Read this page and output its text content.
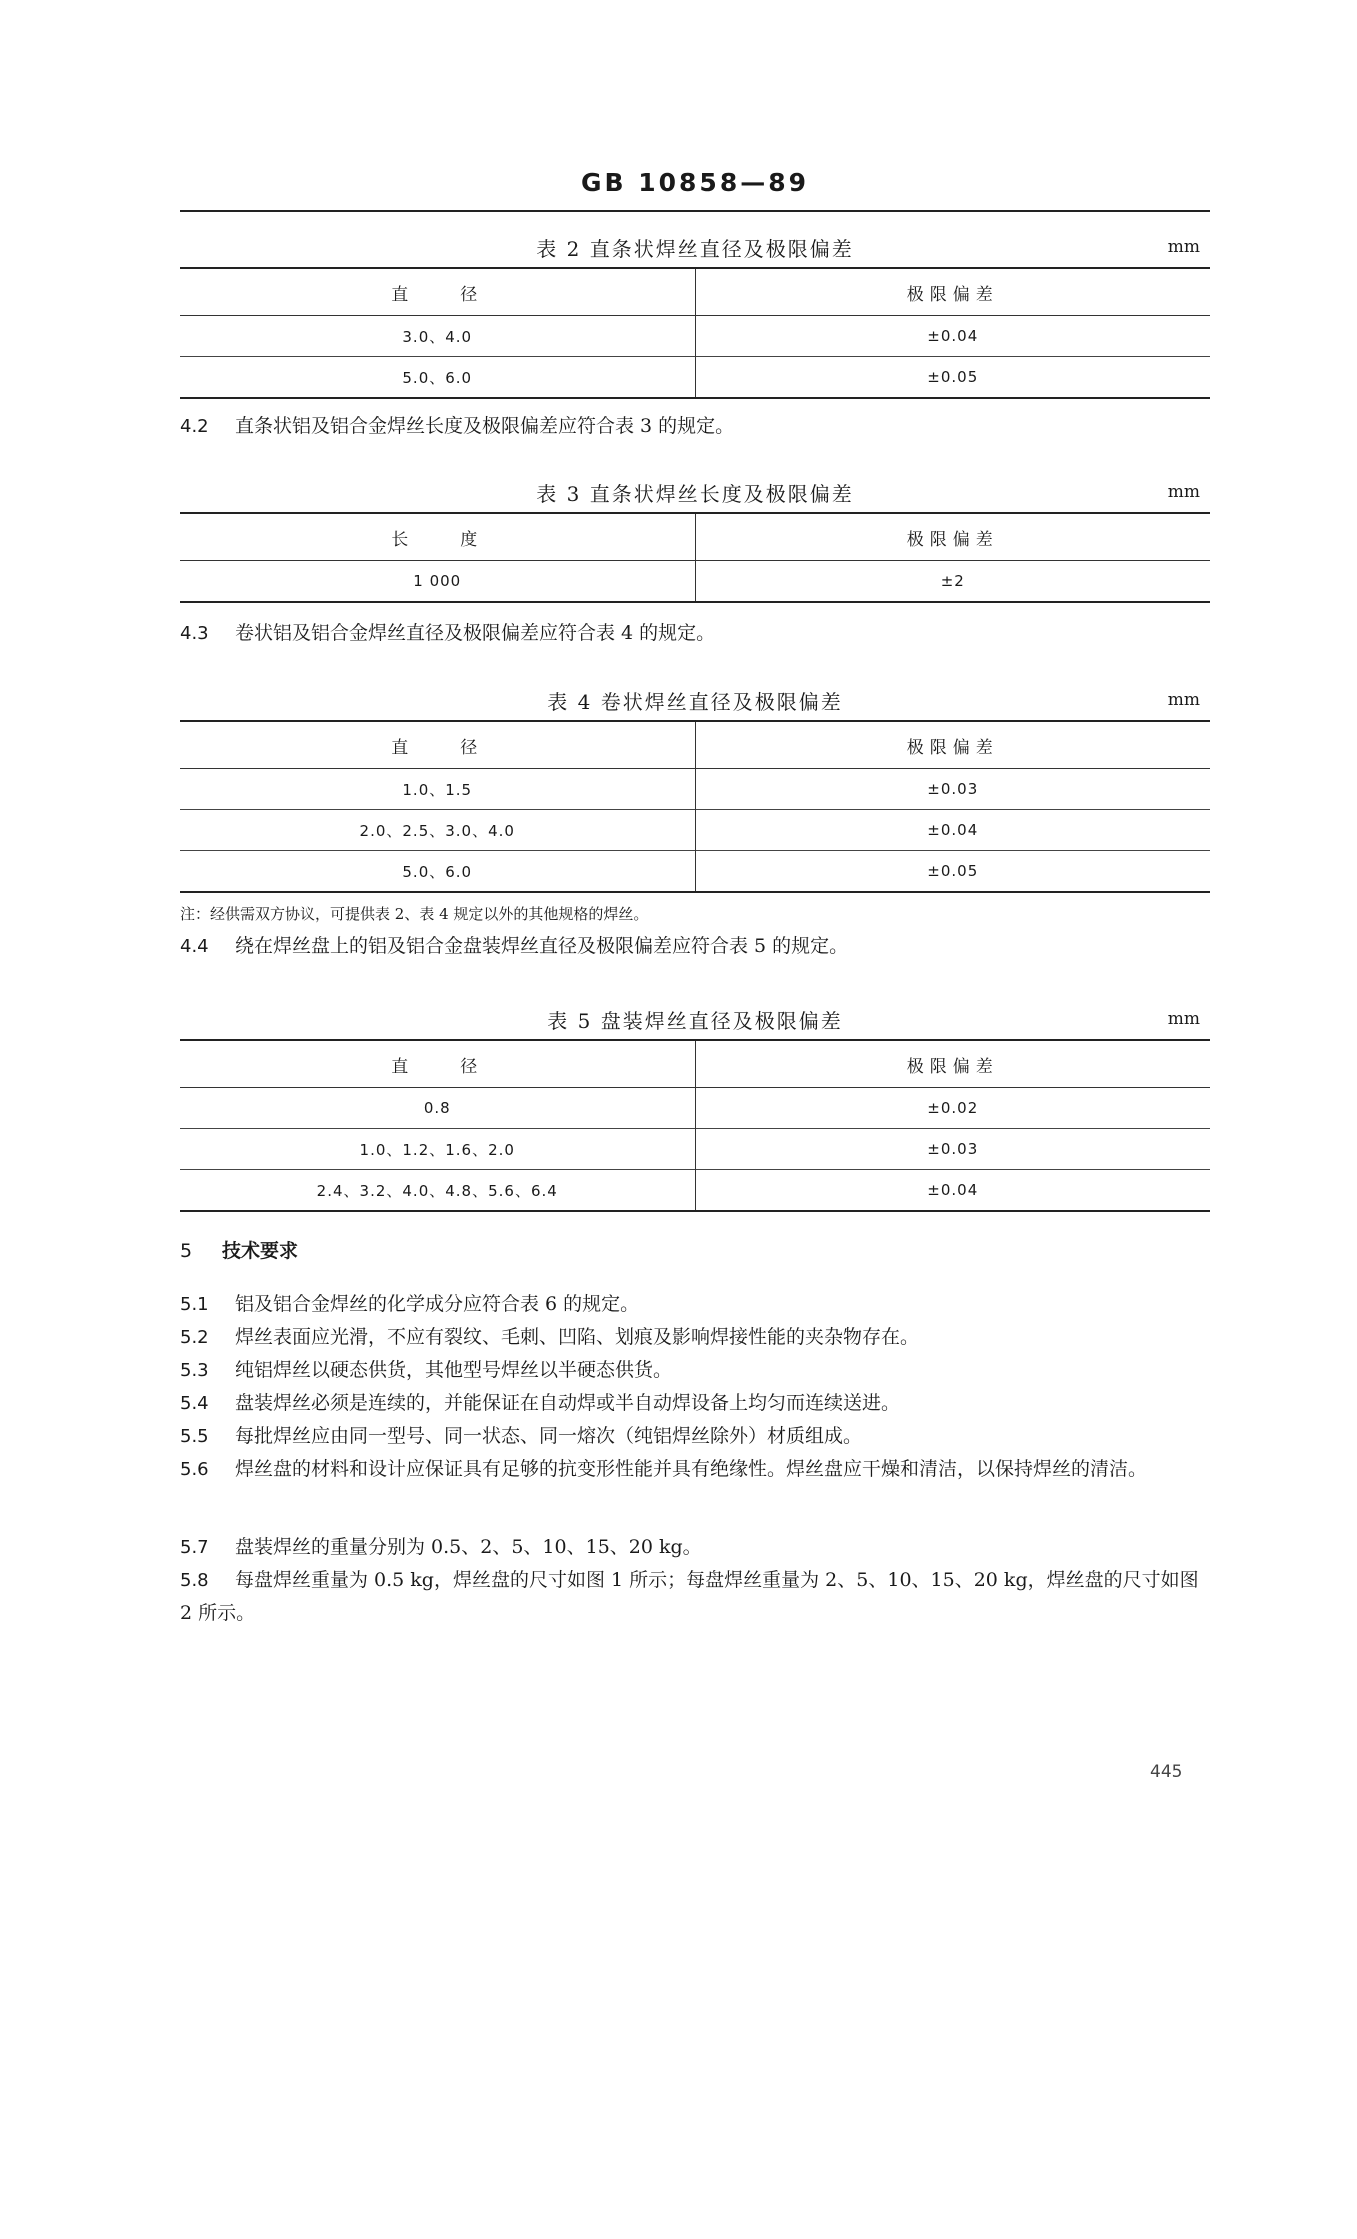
GB 10858—89
表 2 直条状焊丝直径及极限偏差	mm
直　　径	极限偏差
3.0、4.0	±0.04
5.0、6.0	±0.05
4.2 直条状铝及铝合金焊丝长度及极限偏差应符合表 3 的规定。
表 3 直条状焊丝长度及极限偏差	mm
长　　度	极限偏差
1 000	±2
4.3 卷状铝及铝合金焊丝直径及极限偏差应符合表 4 的规定。
表 4 卷状焊丝直径及极限偏差	mm
直　　径	极限偏差
1.0、1.5	±0.03
2.0、2.5、3.0、4.0	±0.04
5.0、6.0	±0.05
注：经供需双方协议，可提供表 2、表 4 规定以外的其他规格的焊丝。
4.4 绕在焊丝盘上的铝及铝合金盘装焊丝直径及极限偏差应符合表 5 的规定。
表 5 盘装焊丝直径及极限偏差	mm
直　　径	极限偏差
0.8	±0.02
1.0、1.2、1.6、2.0	±0.03
2.4、3.2、4.0、4.8、5.6、6.4	±0.04
5 技术要求
5.1 铝及铝合金焊丝的化学成分应符合表 6 的规定。
5.2 焊丝表面应光滑，不应有裂纹、毛刺、凹陷、划痕及影响焊接性能的夹杂物存在。
5.3 纯铝焊丝以硬态供货，其他型号焊丝以半硬态供货。
5.4 盘装焊丝必须是连续的，并能保证在自动焊或半自动焊设备上均匀而连续送进。
5.5 每批焊丝应由同一型号、同一状态、同一熔次（纯铝焊丝除外）材质组成。
5.6 焊丝盘的材料和设计应保证具有足够的抗变形性能并具有绝缘性。焊丝盘应干燥和清洁，以保持焊丝的清洁。
5.7 盘装焊丝的重量分别为 0.5、2、5、10、15、20 kg。
5.8 每盘焊丝重量为 0.5 kg，焊丝盘的尺寸如图 1 所示；每盘焊丝重量为 2、5、10、15、20 kg，焊丝盘的尺寸如图 2 所示。
445
